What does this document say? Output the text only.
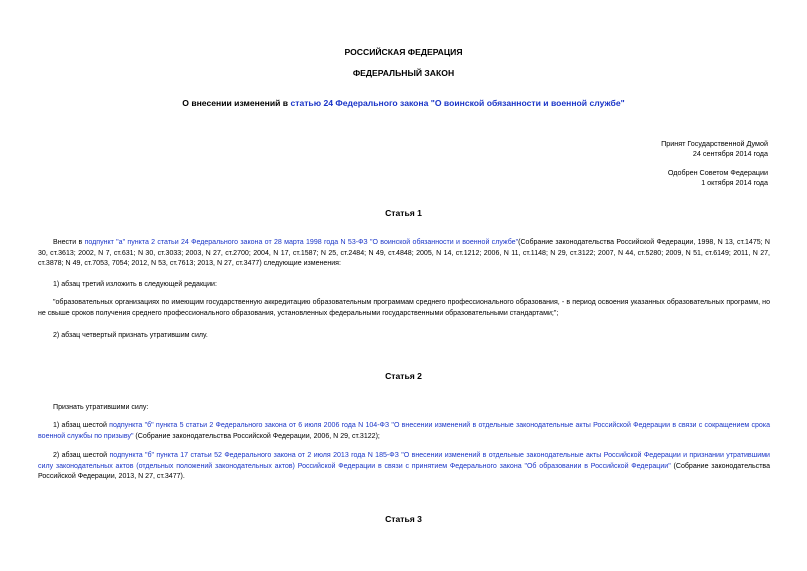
РОССИЙСКАЯ ФЕДЕРАЦИЯ
ФЕДЕРАЛЬНЫЙ ЗАКОН
О внесении изменений в статью 24 Федерального закона "О воинской обязанности и военной службе"
Принят Государственной Думой
24 сентября 2014 года
Одобрен Советом Федерации
1 октября 2014 года
Статья 1
Внести в подпункт "а" пункта 2 статьи 24 Федерального закона от 28 марта 1998 года N 53-ФЗ "О воинской обязанности и военной службе"(Собрание законодательства Российской Федерации, 1998, N 13, ст.1475; N 30, ст.3613; 2002, N 7, ст.631; N 30, ст.3033; 2003, N 27, ст.2700; 2004, N 17, ст.1587; N 25, ст.2484; N 49, ст.4848; 2005, N 14, ст.1212; 2006, N 11, ст.1148; N 29, ст.3122; 2007, N 44, ст.5280; 2009, N 51, ст.6149; 2011, N 27, ст.3878; N 49, ст.7053, 7054; 2012, N 53, ст.7613; 2013, N 27, ст.3477) следующие изменения:
1) абзац третий изложить в следующей редакции:
"образовательных организациях по имеющим государственную аккредитацию образовательным программам среднего профессионального образования, - в период освоения указанных образовательных программ, но не свыше сроков получения среднего профессионального образования, установленных федеральными государственными образовательными стандартами;";
2) абзац четвертый признать утратившим силу.
Статья 2
Признать утратившими силу:
1) абзац шестой подпункта "б" пункта 5 статьи 2 Федерального закона от 6 июля 2006 года N 104-ФЗ "О внесении изменений в отдельные законодательные акты Российской Федерации в связи с сокращением срока военной службы по призыву" (Собрание законодательства Российской Федерации, 2006, N 29, ст.3122);
2) абзац шестой подпункта "б" пункта 17 статьи 52 Федерального закона от 2 июля 2013 года N 185-ФЗ "О внесении изменений в отдельные законодательные акты Российской Федерации и признании утратившими силу законодательных актов (отдельных положений законодательных актов) Российской Федерации в связи с принятием Федерального закона "Об образовании в Российской Федерации" (Собрание законодательства Российской Федерации, 2013, N 27, ст.3477).
Статья 3
